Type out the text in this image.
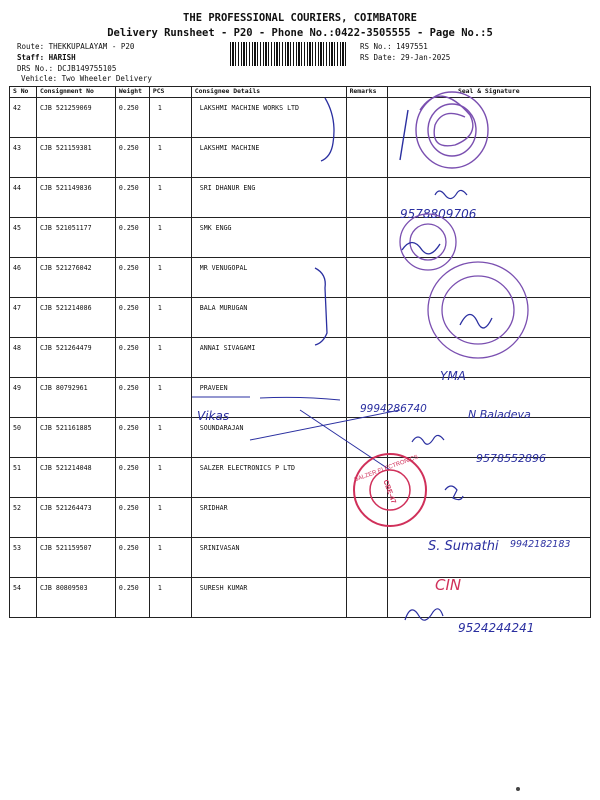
THE PROFESSIONAL COURIERS, COIMBATORE
Delivery Runsheet - P20 - Phone No.:0422-3505555 - Page No.:5
Route: THEKKUPALAYAM - P20
Staff: HARISH
DRS No.: DCJB149755105
Vehicle: Two Wheeler Delivery
RS No.: 1497551
RS Date: 29-Jan-2025
S No	Consignment No	Weight	PCS	Consignee Details	Remarks	Seal & Signature
42	CJB 521259069	0.250	1	LAKSHMI MACHINE WORKS LTD		
43	CJB 521159381	0.250	1	LAKSHMI MACHINE		
44	CJB 521149836	0.250	1	SRI DHANUR ENG		
45	CJB 521051177	0.250	1	SMK ENGG		
46	CJB 521276042	0.250	1	MR VENUGOPAL		
47	CJB 521214086	0.250	1	BALA MURUGAN		
48	CJB 521264479	0.250	1	ANNAI SIVAGAMI		
49	CJB 80792961	0.250	1	PRAVEEN		
50	CJB 521161885	0.250	1	SOUNDARAJAN		
51	CJB 521214048	0.250	1	SALZER ELECTRONICS P LTD		
52	CJB 521264473	0.250	1	SRIDHAR		
53	CJB 521159507	0.250	1	SRINIVASAN		
54	CJB 80809503	0.250	1	SURESH KUMAR		
9578809706
YMA
Vikas	9994286740	N Baladeva
9578552896
SALZER ELECTRONICS
CBE-47
S. Sumathi 9942182183
CIN
9524244241
